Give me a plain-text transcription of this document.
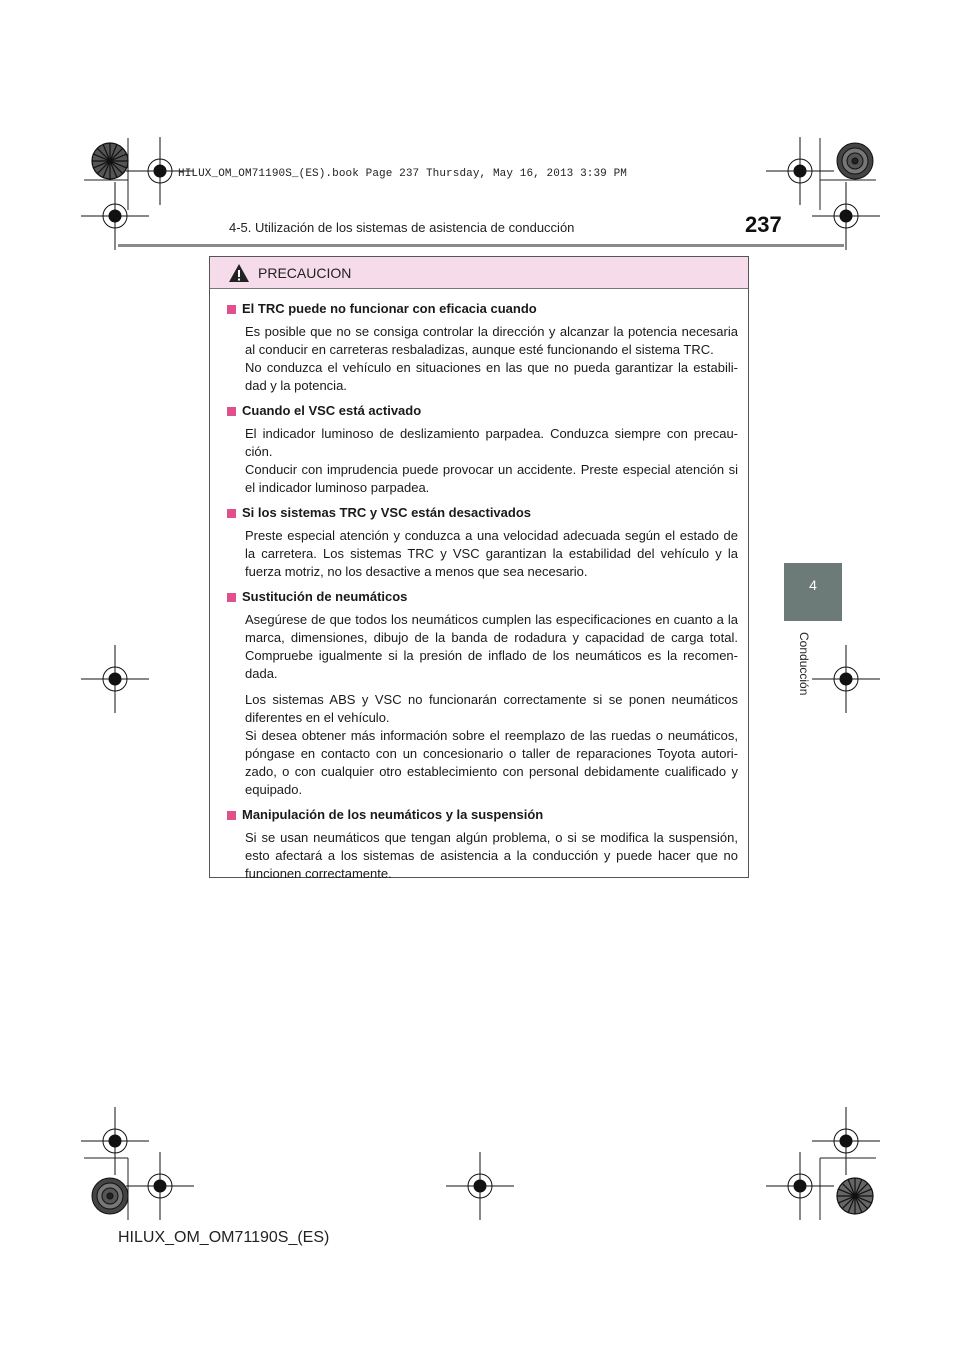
HILUX_OM_OM71190S_(ES).book Page 237 Thursday, May 16, 2013 3:39 PM
4-5. Utilización de los sistemas de asistencia de conducción	237
4
Conducción
PRECAUCION
El TRC puede no funcionar con eficacia cuando

Es posible que no se consiga controlar la dirección y alcanzar la potencia necesaria al conducir en carreteras resbaladizas, aunque esté funcionando el sistema TRC.

No conduzca el vehículo en situaciones en las que no pueda garantizar la estabili-dad y la potencia.

Cuando el VSC está activado

El indicador luminoso de deslizamiento parpadea. Conduzca siempre con precau-ción.

Conducir con imprudencia puede provocar un accidente. Preste especial atención si el indicador luminoso parpadea.

Si los sistemas TRC y VSC están desactivados

Preste especial atención y conduzca a una velocidad adecuada según el estado de la carretera. Los sistemas TRC y VSC garantizan la estabilidad del vehículo y la fuerza motriz, no los desactive a menos que sea necesario.

Sustitución de neumáticos

Asegúrese de que todos los neumáticos cumplen las especificaciones en cuanto a la marca, dimensiones, dibujo de la banda de rodadura y capacidad de carga total. Compruebe igualmente si la presión de inflado de los neumáticos es la recomen-dada.

Los sistemas ABS y VSC no funcionarán correctamente si se ponen neumáticos diferentes en el vehículo.

Si desea obtener más información sobre el reemplazo de las ruedas o neumáticos, póngase en contacto con un concesionario o taller de reparaciones Toyota autori-zado, o con cualquier otro establecimiento con personal debidamente cualificado y equipado.

Manipulación de los neumáticos y la suspensión

Si se usan neumáticos que tengan algún problema, o si se modifica la suspensión, esto afectará a los sistemas de asistencia a la conducción y puede hacer que no funcionen correctamente.

HILUX_OM_OM71190S_(ES)
